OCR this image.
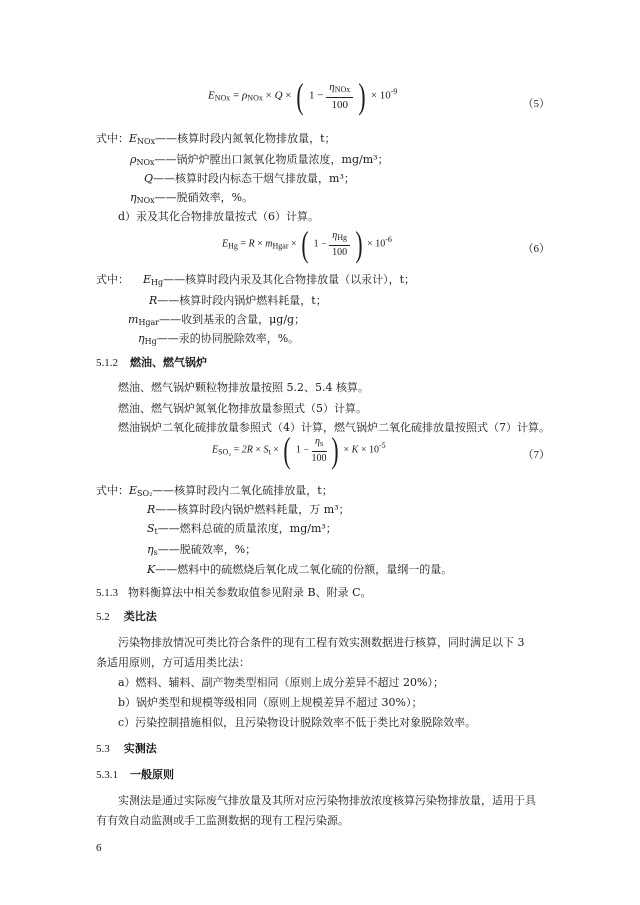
$E_{NOx} = \rho_{NOx} \times Q$ × ( $1 - \frac{\eta_{NOx}}{100}$ ) × $10^{-9}$
（5）
式中：$E_{NOx}——$核算时段内氮氧化物排放量，t；
$\rho_{NOx}——$锅炉炉膛出口氮氧化物质量浓度，mg/m³；
Q——核算时段内标态干烟气排放量，m³；
$\eta_{NOx}——$脱硝效率，%。
d）汞及其化合物排放量按式（6）计算。
$E_{Hg} = R \times m_{Hgar}$ × ( $1 - \frac{\eta_{Hg}}{100}$ ) × $10^{-6}$
（6）
式中： $E_{Hg}——$核算时段内汞及其化合物排放量（以汞计），t；
R——核算时段内锅炉燃料耗量，t；
$m_{Hgar}——$收到基汞的含量，μg/g；
$\eta_{Hg}——$汞的协同脱除效率，%。
5.1.2 燃油、燃气锅炉
燃油、燃气锅炉颗粒物排放量按照 5.2、5.4 核算。
燃油、燃气锅炉氮氧化物排放量参照式（5）计算。
燃油锅炉二氧化硫排放量参照式（4）计算，燃气锅炉二氧化硫排放量按照式（7）计算。
$E_{SO_2} = 2R \times S_t$ × ( $1 - \frac{\eta_s}{100}$ ) × $K \times 10^{-5}$
（7）
式中：$E_{SO_2}——$核算时段内二氧化硫排放量，t；
R——核算时段内锅炉燃料耗量，万 m³；
$S_t——$燃料总硫的质量浓度，mg/m³；
$\eta_s——$脱硫效率，%；
K——燃料中的硫燃烧后氧化成二氧化硫的份额，量纲一的量。
5.1.3 物料衡算法中相关参数取值参见附录 B、附录 C。
5.2 类比法
污染物排放情况可类比符合条件的现有工程有效实测数据进行核算，同时满足以下 3
条适用原则，方可适用类比法：
a）燃料、辅料、副产物类型相同（原则上成分差异不超过 20%）；
b）锅炉类型和规模等级相同（原则上规模差异不超过 30%）；
c）污染控制措施相似，且污染物设计脱除效率不低于类比对象脱除效率。
5.3 实测法
5.3.1 一般原则
实测法是通过实际废气排放量及其所对应污染物排放浓度核算污染物排放量，适用于具
有有效自动监测或手工监测数据的现有工程污染源。
6
